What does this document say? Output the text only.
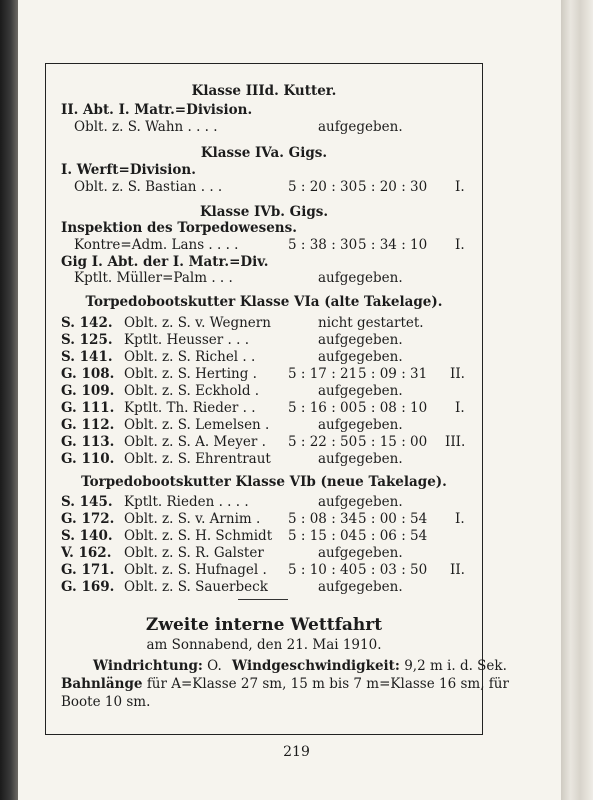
Klasse IIId. Kutter.
II. Abt. I. Matr.=Division.
Oblt. z. S. Wahn . . . .	aufgegeben.
Klasse IVa. Gigs.
I. Werft=Division.
Oblt. z. S. Bastian . . .	5 : 20 : 30 5 : 20 : 30 I.
Klasse IVb. Gigs.
Inspektion des Torpedowesens.
Kontre=Adm. Lans . . . .	5 : 38 : 30 5 : 34 : 10 I.
Gig I. Abt. der I. Matr.=Div.
Kptlt. Müller=Palm . . .	aufgegeben.
Torpedobootskutter Klasse VIa (alte Takelage).
S. 142. Oblt. z. S. v. Wegnern	nicht gestartet.
S. 125. Kptlt. Heusser . . .	aufgegeben.
S. 141. Oblt. z. S. Richel . .	aufgegeben.
G. 108. Oblt. z. S. Herting . 5 : 17 : 21 5 : 09 : 31 II.
G. 109. Oblt. z. S. Eckhold .	aufgegeben.
G. 111. Kptlt. Th. Rieder . . 5 : 16 : 00 5 : 08 : 10 I.
G. 112. Oblt. z. S. Lemelsen .	aufgegeben.
G. 113. Oblt. z. S. A. Meyer . 5 : 22 : 50 5 : 15 : 00 III.
G. 110. Oblt. z. S. Ehrentraut	aufgegeben.
Torpedobootskutter Klasse VIb (neue Takelage).
S. 145. Kptlt. Rieden . . . .	aufgegeben.
G. 172. Oblt. z. S. v. Arnim . 5 : 08 : 34 5 : 00 : 54 I.
S. 140. Oblt. z. S. H. Schmidt 5 : 15 : 04 5 : 06 : 54
V. 162. Oblt. z. S. R. Galster	aufgegeben.
G. 171. Oblt. z. S. Hufnagel . 5 : 10 : 40 5 : 03 : 50 II.
G. 169. Oblt. z. S. Sauerbeck	aufgegeben.
Zweite interne Wettfahrt
am Sonnabend, den 21. Mai 1910.
Windrichtung: O. Windgeschwindigkeit: 9,2 m i. d. Sek.
Bahnlänge für A=Klasse 27 sm, 15 m bis 7 m=Klasse 16 sm, für
Boote 10 sm.
219
